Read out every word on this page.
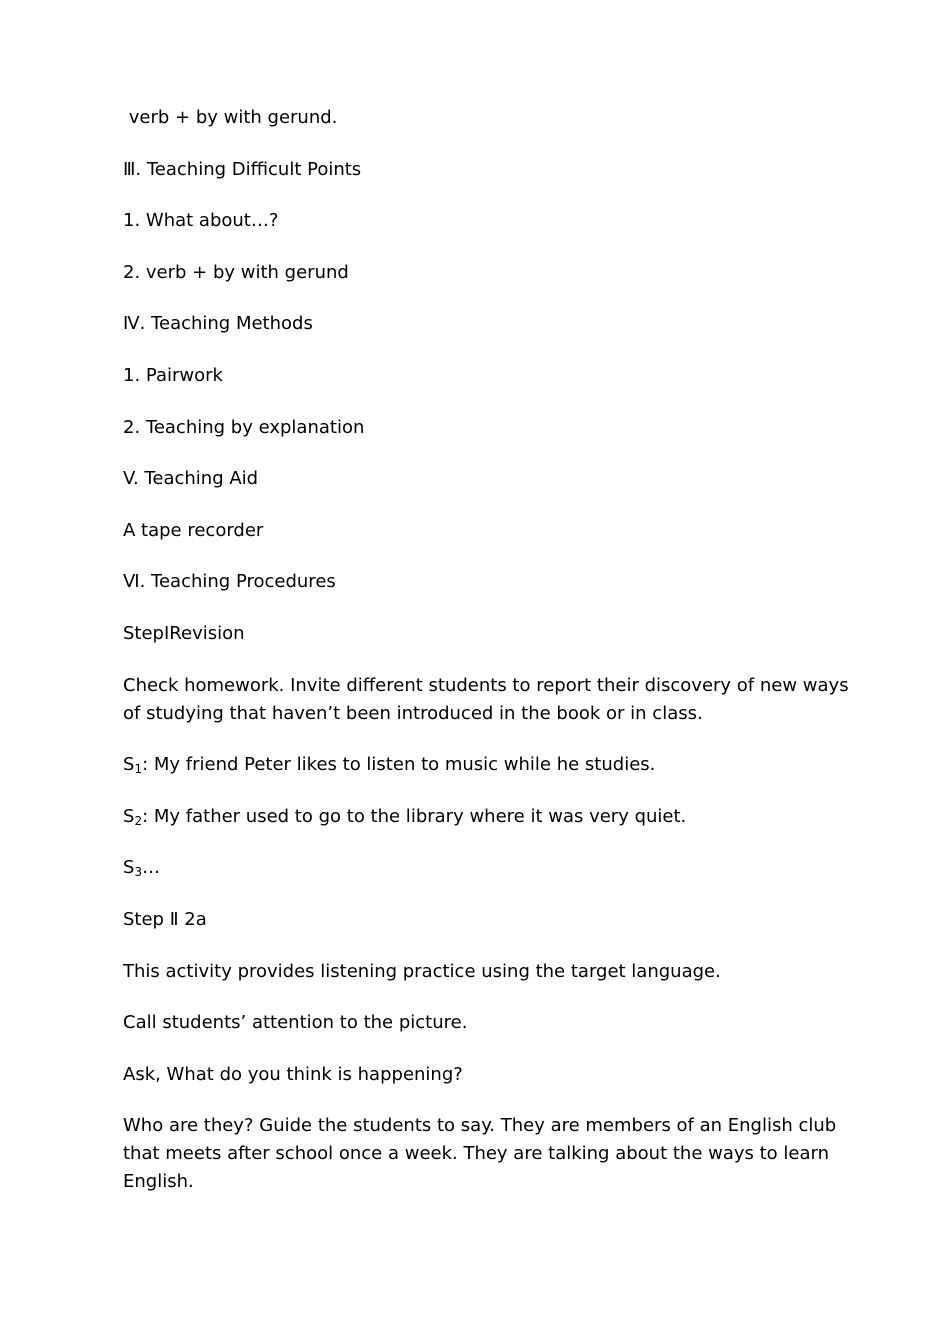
verb + by with gerund.

Ⅲ. Teaching Difficult Points

1. What about…?

2. verb + by with gerund

Ⅳ. Teaching Methods

1. Pairwork

2. Teaching by explanation

V. Teaching Aid

A tape recorder

Ⅵ. Teaching Procedures

StepⅠRevision

Check homework. Invite different students to report their discovery of new ways of studying that haven’t been introduced in the book or in class.

$S_1$: My friend Peter likes to listen to music while he studies.

$S_2$: My father used to go to the library where it was very quiet.

$S_3\dots$

Step Ⅱ 2a

This activity provides listening practice using the target language.

Call students’ attention to the picture.

Ask, What do you think is happening?

Who are they? Guide the students to say. They are members of an English club that meets after school once a week. They are talking about the ways to learn English.
